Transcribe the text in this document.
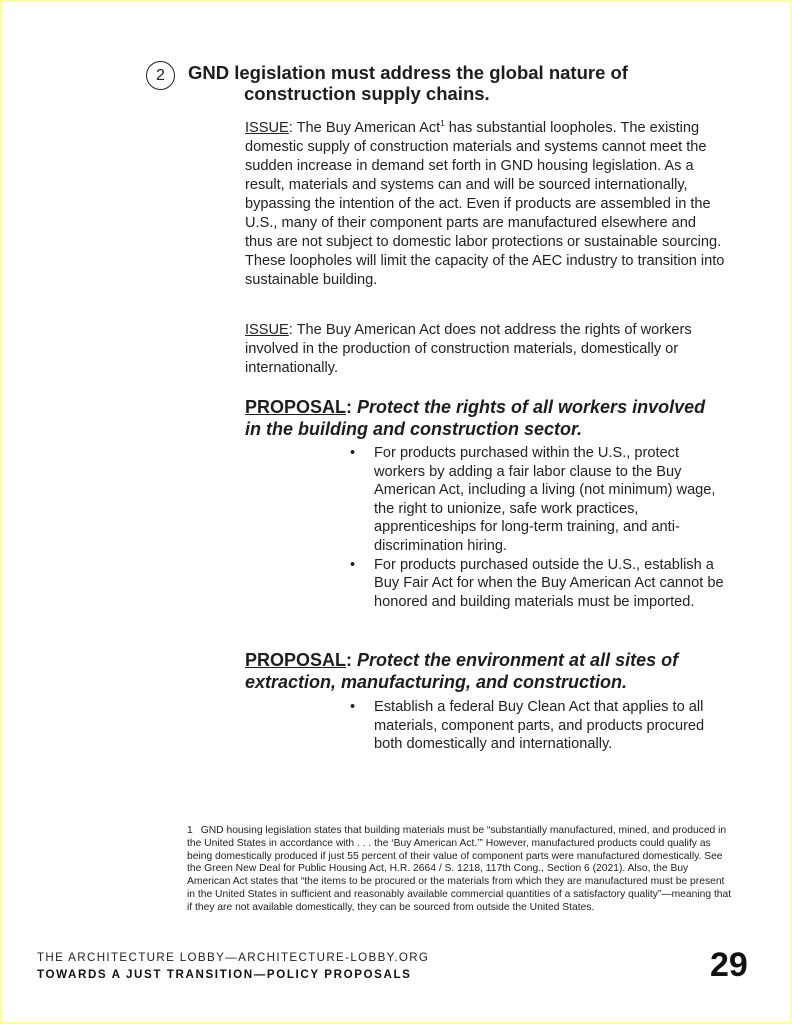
2	GND legislation must address the global nature of
construction supply chains.
ISSUE: The Buy American Act$^1$ has substantial loopholes. The existing domestic supply of construction materials and systems cannot meet the sudden increase in demand set forth in GND housing legislation. As a result, materials and systems can and will be sourced internationally, bypassing the intention of the act. Even if products are assembled in the U.S., many of their component parts are manufactured elsewhere and thus are not subject to domestic labor protections or sustainable sourcing. These loopholes will limit the capacity of the AEC industry to transition into sustainable building.
ISSUE: The Buy American Act does not address the rights of workers involved in the production of construction materials, domestically or internationally.
PROPOSAL: Protect the rights of all workers involved in the building and construction sector.
• For products purchased within the U.S., protect workers by adding a fair labor clause to the Buy American Act, including a living (not minimum) wage, the right to unionize, safe work practices, apprenticeships for long-term training, and anti-discrimination hiring.
• For products purchased outside the U.S., establish a Buy Fair Act for when the Buy American Act cannot be honored and building materials must be imported.
PROPOSAL: Protect the environment at all sites of extraction, manufacturing, and construction.
• Establish a federal Buy Clean Act that applies to all materials, component parts, and products procured both domestically and internationally.
1 GND housing legislation states that building materials must be “substantially manufactured, mined, and produced in the United States in accordance with . . . the ‘Buy American Act.’” However, manufactured products could qualify as being domestically produced if just 55 percent of their value of component parts were manufactured domestically. See the Green New Deal for Public Housing Act, H.R. 2664 / S. 1218, 117th Cong., Section 6 (2021). Also, the Buy American Act states that “the items to be procured or the materials from which they are manufactured must be present in the United States in sufficient and reasonably available commercial quantities of a satisfactory quality”—meaning that if they are not available domestically, they can be sourced from outside the United States.
THE ARCHITECTURE LOBBY—ARCHITECTURE-LOBBY.ORG
TOWARDS A JUST TRANSITION—POLICY PROPOSALS	29
